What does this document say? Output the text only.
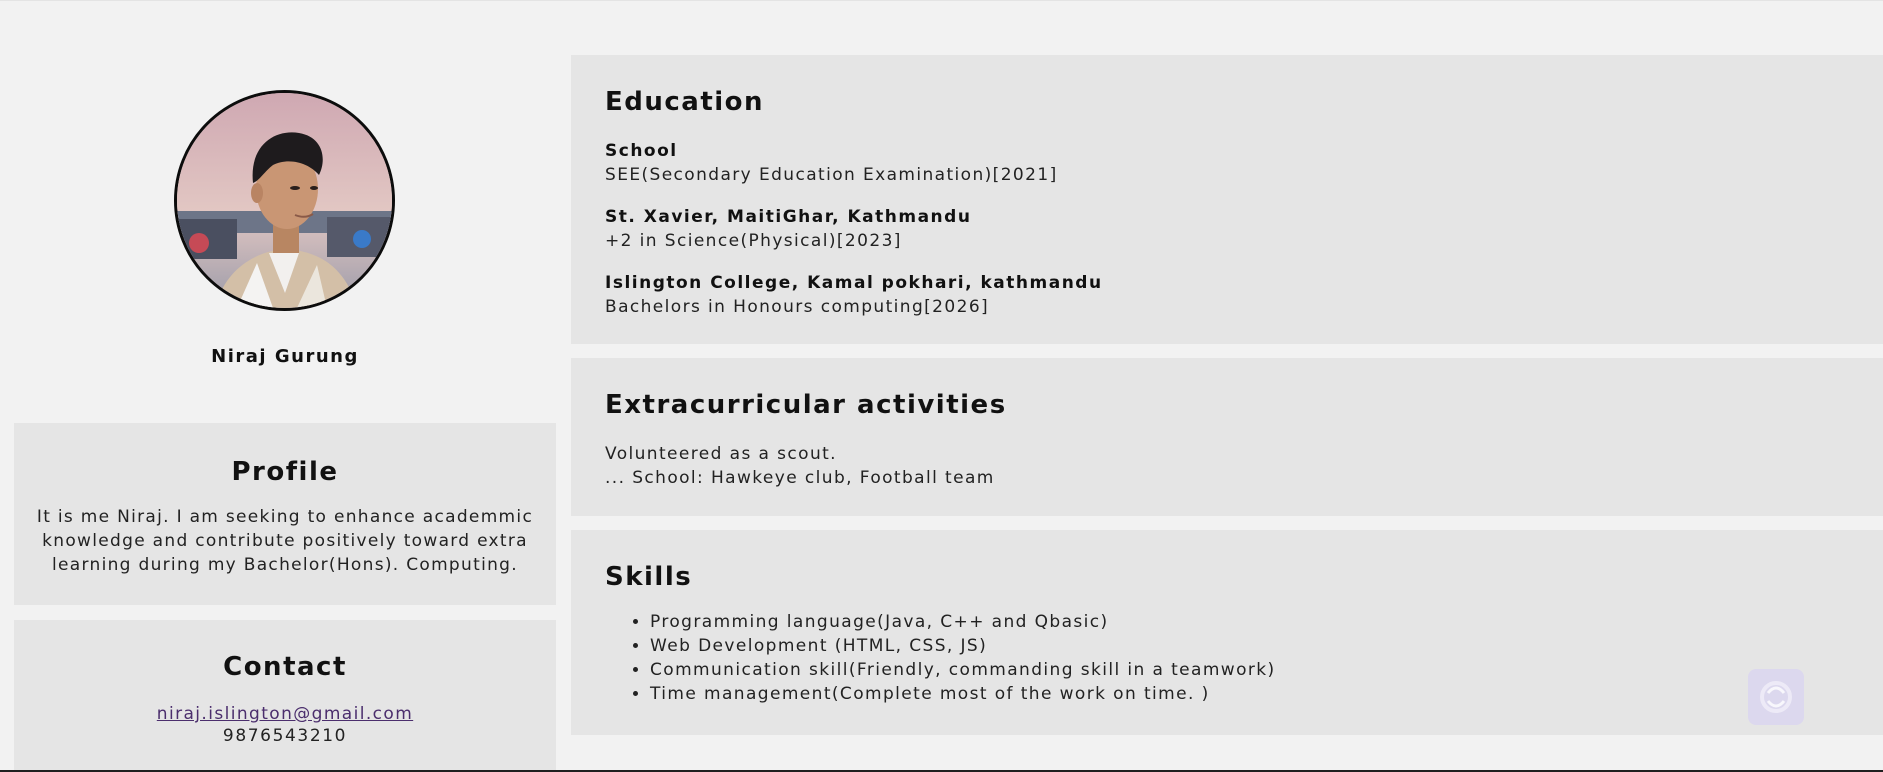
Niraj Gurung
Profile

It is me Niraj. I am seeking to enhance academmic knowledge and contribute positively toward extra learning during my Bachelor(Hons). Computing.

Contact
niraj.islington@gmail.com
9876543210
Education
School
SEE(Secondary Education Examination)[2021]
St. Xavier, MaitiGhar, Kathmandu
+2 in Science(Physical)[2023]
Islington College, Kamal pokhari, kathmandu
Bachelors in Honours computing[2026]
Extracurricular activities
Volunteered as a scout.
... School: Hawkeye club, Football team
Skills
• Programming language(Java, C++ and Qbasic)
• Web Development (HTML, CSS, JS)
• Communication skill(Friendly, commanding skill in a teamwork)
• Time management(Complete most of the work on time. )
